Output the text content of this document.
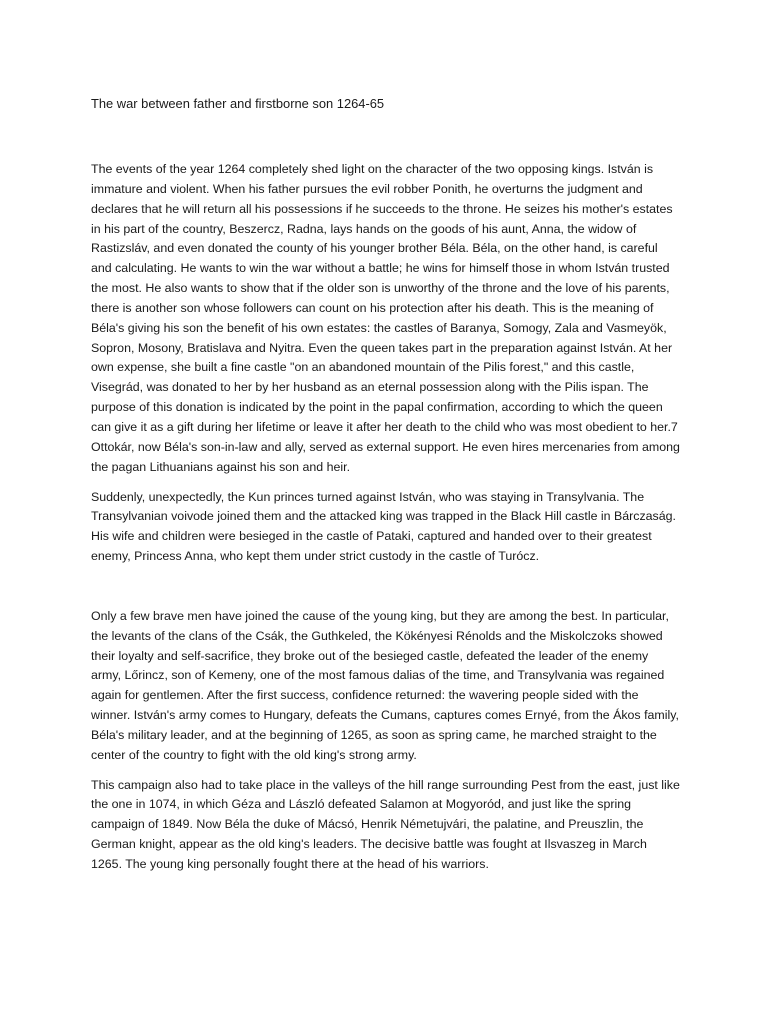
The war between father and firstborne son 1264-65

The events of the year 1264 completely shed light on the character of the two opposing kings. István is immature and violent. When his father pursues the evil robber Ponith, he overturns the judgment and declares that he will return all his possessions if he succeeds to the throne. He seizes his mother's estates in his part of the country, Beszercz, Radna, lays hands on the goods of his aunt, Anna, the widow of Rastizsláv, and even donated the county of his younger brother Béla. Béla, on the other hand, is careful and calculating. He wants to win the war without a battle; he wins for himself those in whom István trusted the most. He also wants to show that if the older son is unworthy of the throne and the love of his parents, there is another son whose followers can count on his protection after his death. This is the meaning of Béla's giving his son the benefit of his own estates: the castles of Baranya, Somogy, Zala and Vasmeyök, Sopron, Mosony, Bratislava and Nyitra. Even the queen takes part in the preparation against István. At her own expense, she built a fine castle "on an abandoned mountain of the Pilis forest," and this castle, Visegrád, was donated to her by her husband as an eternal possession along with the Pilis ispan. The purpose of this donation is indicated by the point in the papal confirmation, according to which the queen can give it as a gift during her lifetime or leave it after her death to the child who was most obedient to her.7 Ottokár, now Béla's son-in-law and ally, served as external support. He even hires mercenaries from among the pagan Lithuanians against his son and heir.

Suddenly, unexpectedly, the Kun princes turned against István, who was staying in Transylvania. The Transylvanian voivode joined them and the attacked king was trapped in the Black Hill castle in Bárczaság. His wife and children were besieged in the castle of Pataki, captured and handed over to their greatest enemy, Princess Anna, who kept them under strict custody in the castle of Turócz.

Only a few brave men have joined the cause of the young king, but they are among the best. In particular, the levants of the clans of the Csák, the Guthkeled, the Kökényesi Rénolds and the Miskolczoks showed their loyalty and self-sacrifice, they broke out of the besieged castle, defeated the leader of the enemy army, Lőrincz, son of Kemeny, one of the most famous dalias of the time, and Transylvania was regained again for gentlemen. After the first success, confidence returned: the wavering people sided with the winner. István's army comes to Hungary, defeats the Cumans, captures comes Ernyé, from the Ákos family, Béla's military leader, and at the beginning of 1265, as soon as spring came, he marched straight to the center of the country to fight with the old king's strong army.

This campaign also had to take place in the valleys of the hill range surrounding Pest from the east, just like the one in 1074, in which Géza and László defeated Salamon at Mogyoród, and just like the spring campaign of 1849. Now Béla the duke of Mácsó, Henrik Németujvári, the palatine, and Preuszlin, the German knight, appear as the old king's leaders. The decisive battle was fought at Ilsvaszeg in March 1265. The young king personally fought there at the head of his warriors.
